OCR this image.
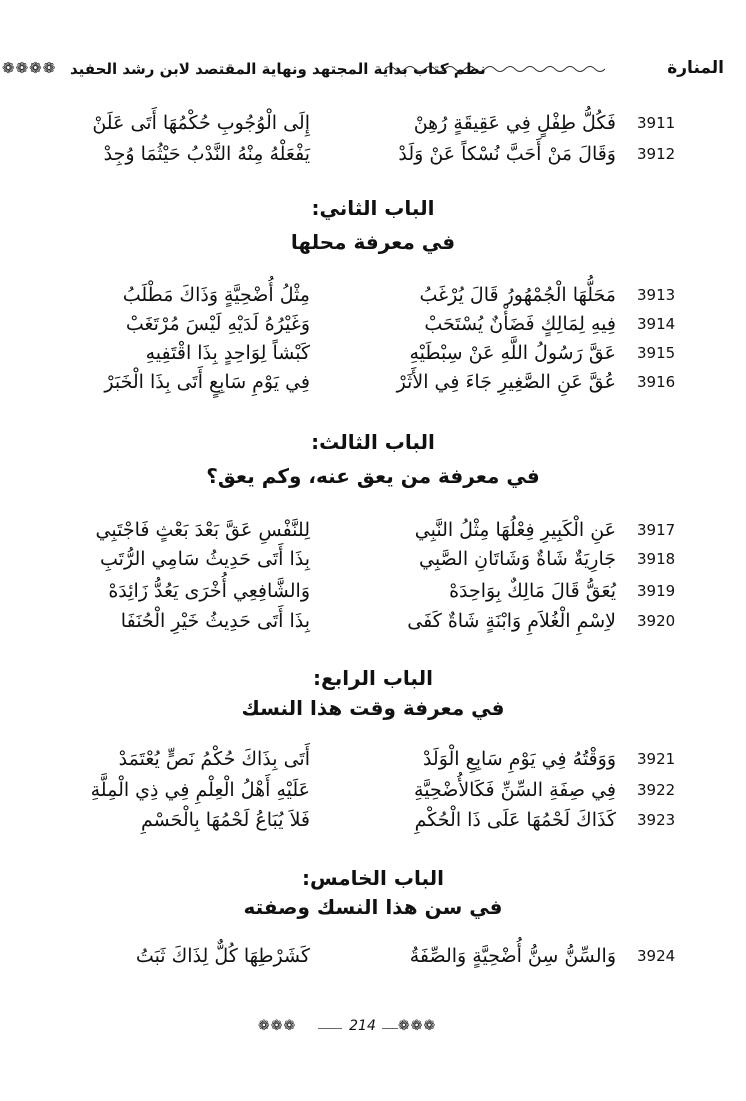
المنارة
نظم كتاب بداية المجتهد ونهاية المقتصد لابن رشد الحفيد
❁❁❁❁
3911
فَكُلُّ طِفْلٍ فِي عَقِيقَةٍ رُهِنْ
إِلَى الْوُجُوبِ حُكْمُهَا أَتَى عَلَنْ
3912
وَقَالَ مَنْ أَحَبَّ نُسْكاً عَنْ وَلَدْ
يَفْعَلْهُ مِنْهُ النَّدْبُ حَيْثُمَا وُجِدْ
الباب الثاني:
في معرفة محلها
3913
مَحَلُّهَا الْجُمْهُورُ قَالَ يُرْغَبُ
مِثْلُ أُضْحِيَّةٍ وَذَاكَ مَطْلَبُ
3914
فِيهِ لِمَالِكٍ فَضَأْنٌ يُسْتَحَبْ
وَغَيْرُهُ لَدَيْهِ لَيْسَ مُرْتَغَبْ
3915
عَقَّ رَسُولُ اللَّهِ عَنْ سِبْطَيْهِ
كَبْشاً لِوَاحِدٍ بِذَا اقْتَفِيهِ
3916
عُقَّ عَنِ الصَّغِيرِ جَاءَ فِي الأَثَرْ
فِي يَوْمِ سَابِعٍ أَتَى بِذَا الْخَبَرْ
الباب الثالث:
في معرفة من يعق عنه، وكم يعق؟
3917
عَنِ الْكَبِيرِ فِعْلُهَا مِثْلُ النَّبِي
لِلنَّفْسِ عَقَّ بَعْدَ بَعْثٍ فَاجْتَبِي
3918
جَارِيَةٌ شَاةٌ وَشَاتَانِ الصَّبِي
بِذَا أَتَى حَدِيثُ سَامِي الرُّتَبِ
3919
يُعَقُّ قَالَ مَالِكٌ بِوَاحِدَهْ
وَالشَّافِعِي أُخْرَى يَعُدُّ زَائِدَهْ
3920
لاِسْمِ الْغُلاَمِ وَابْنَةٍ شَاةٌ كَفَى
بِذَا أَتَى حَدِيثُ خَيْرِ الْحُنَفَا
الباب الرابع:
في معرفة وقت هذا النسك
3921
وَوَقْتُهُ فِي يَوْمِ سَابِعِ الْوَلَدْ
أَتَى بِذَاكَ حُكْمُ نَصٍّ يُعْتَمَدْ
3922
فِي صِفَةِ السِّنِّ فَكَالأُضْحِيَّةِ
عَلَيْهِ أَهْلُ الْعِلْمِ فِي ذِي الْمِلَّةِ
3923
كَذَاكَ لَحْمُهَا عَلَى ذَا الْحُكْمِ
فَلاَ يُبَاعُ لَحْمُهَا بِالْحَسْمِ
الباب الخامس:
في سن هذا النسك وصفته
3924
وَالسِّنُّ سِنُّ أُضْحِيَّةٍ وَالصِّفَةُ
كَشَرْطِهَا كُلٌّ لِذَاكَ ثَبَتُ
❁❁❁	214	❁❁❁
